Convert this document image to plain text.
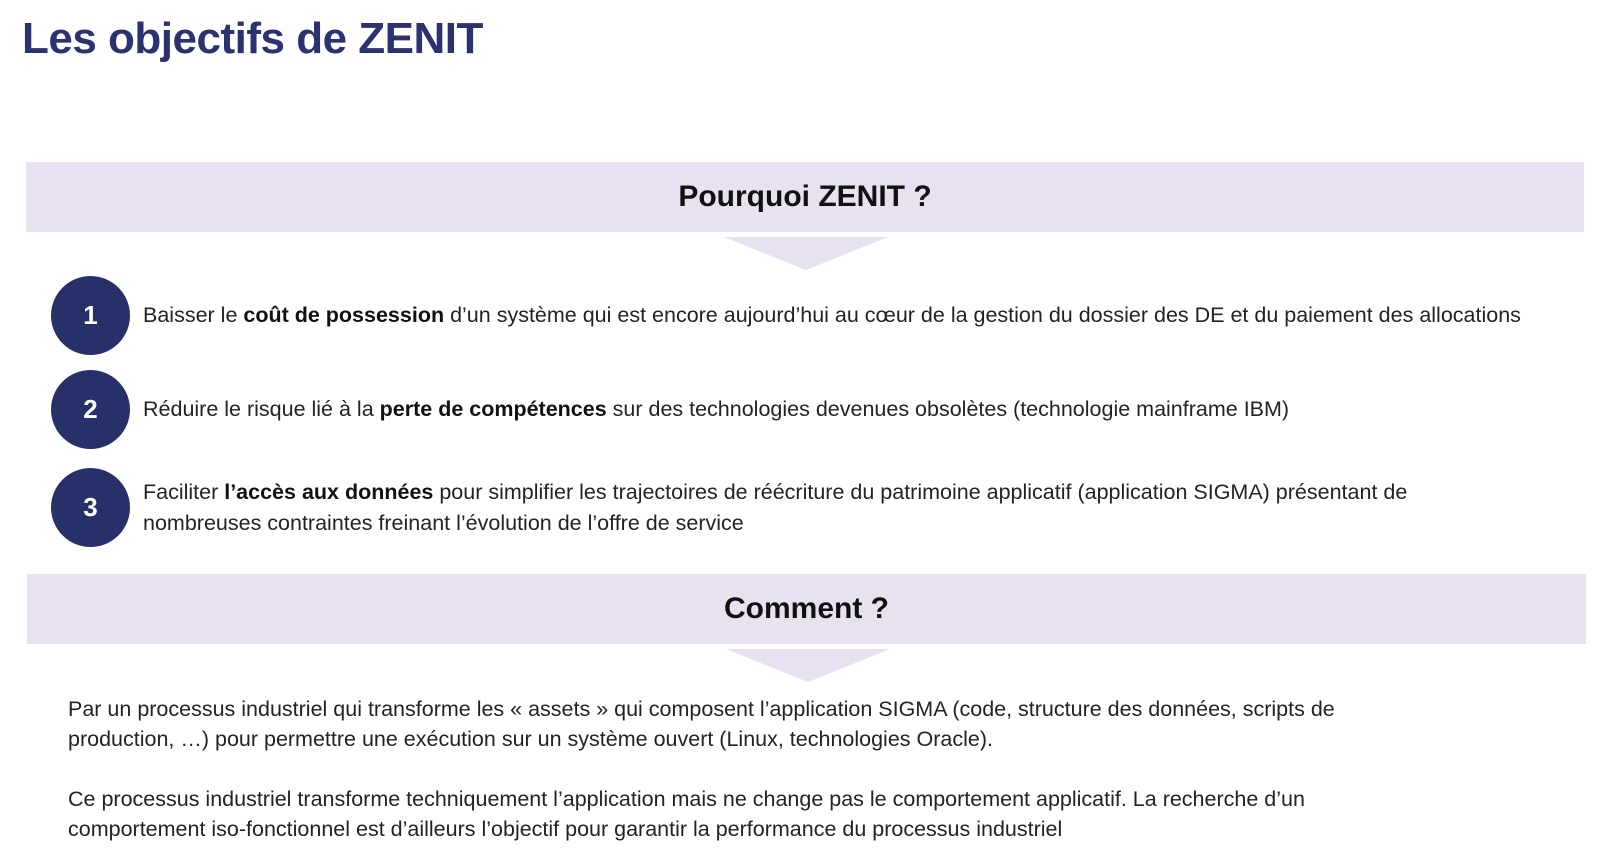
Les objectifs de ZENIT
Pourquoi ZENIT ?
1	Baisser le coût de possession d’un système qui est encore aujourd’hui au cœur de la gestion du dossier des DE et du paiement des allocations
2	Réduire le risque lié à la perte de compétences sur des technologies devenues obsolètes (technologie mainframe IBM)
3	Faciliter l’accès aux données pour simplifier les trajectoires de réécriture du patrimoine applicatif (application SIGMA) présentant de
nombreuses contraintes freinant l’évolution de l’offre de service
Comment ?
Par un processus industriel qui transforme les « assets » qui composent l’application SIGMA (code, structure des données, scripts de
production, …) pour permettre une exécution sur un système ouvert (Linux, technologies Oracle).
Ce processus industriel transforme techniquement l’application mais ne change pas le comportement applicatif. La recherche d’un
comportement iso-fonctionnel est d’ailleurs l’objectif pour garantir la performance du processus industriel
